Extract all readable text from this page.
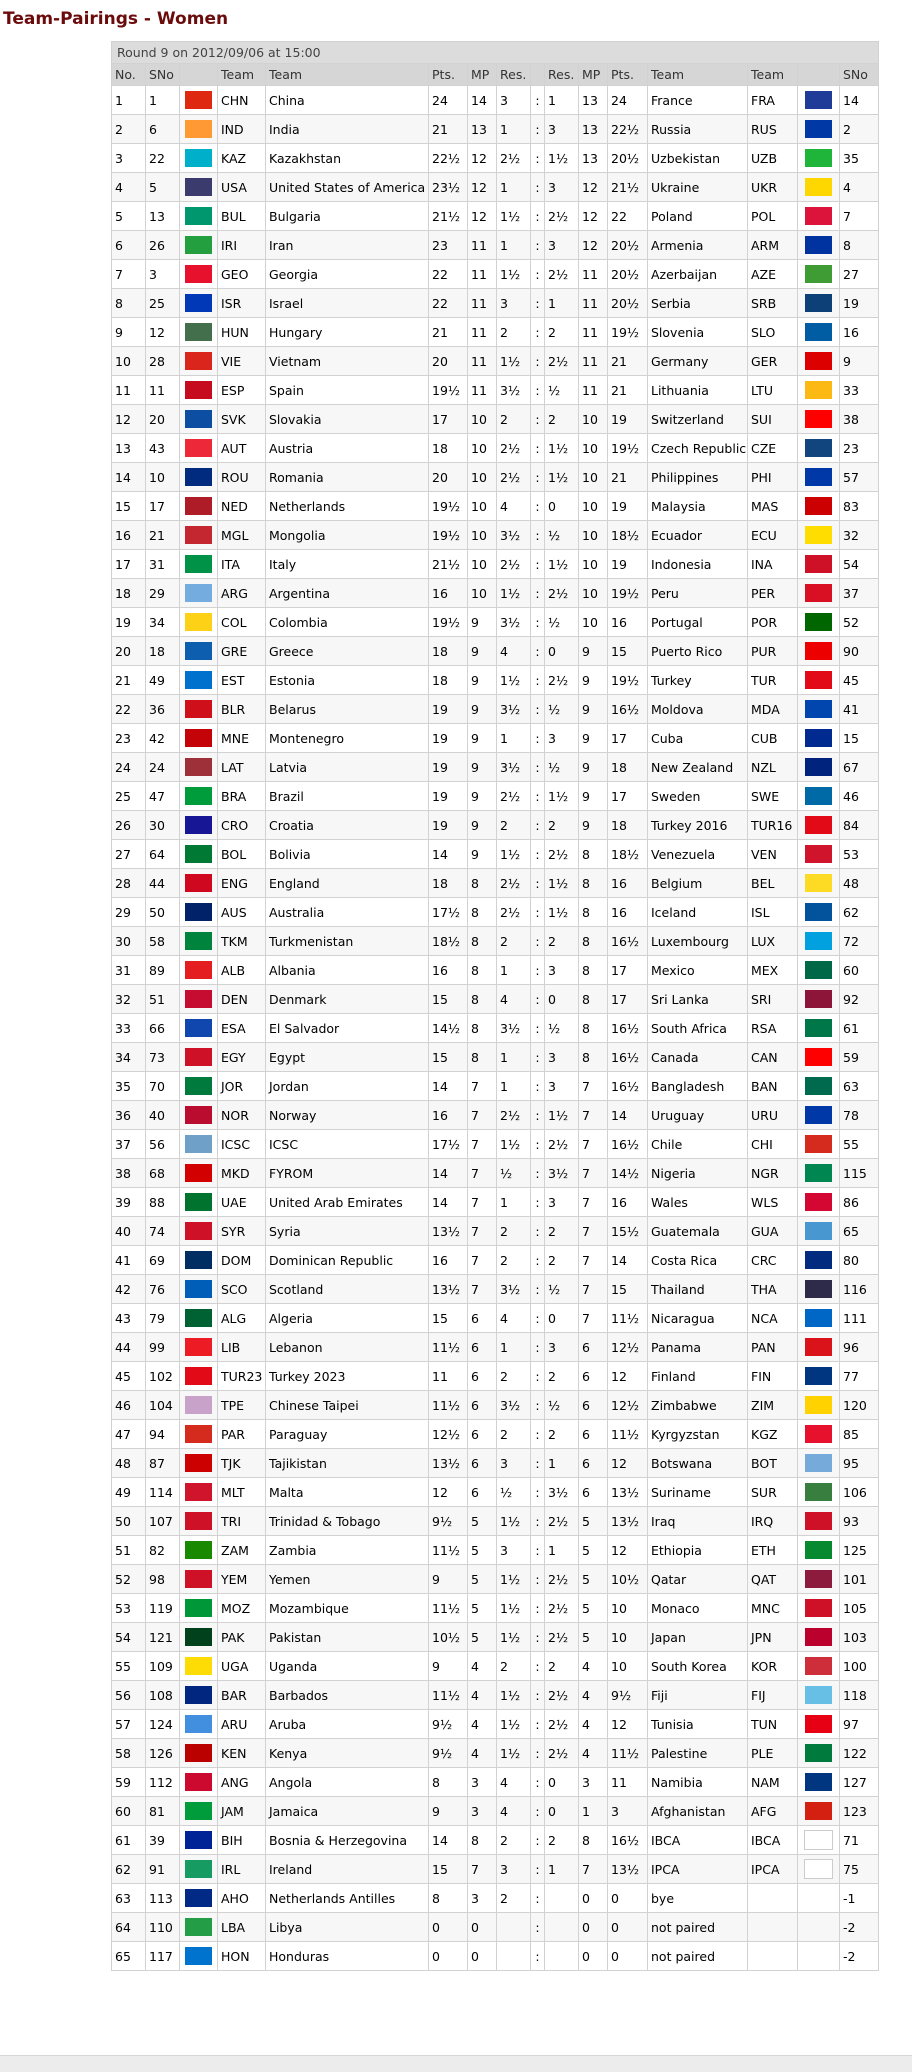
Team-Pairings - Women
Round 9 on 2012/09/06 at 15:00															
No.	SNo		Team	Team	Pts.	MP	Res.		Res.	MP	Pts.	Team	Team		SNo
1	1		CHN	China	24	14	3	:	1	13	24	France	FRA		14
2	6		IND	India	21	13	1	:	3	13	22½	Russia	RUS		2
3	22		KAZ	Kazakhstan	22½	12	2½	:	1½	13	20½	Uzbekistan	UZB		35
4	5		USA	United States of America	23½	12	1	:	3	12	21½	Ukraine	UKR		4
5	13		BUL	Bulgaria	21½	12	1½	:	2½	12	22	Poland	POL		7
6	26		IRI	Iran	23	11	1	:	3	12	20½	Armenia	ARM		8
7	3		GEO	Georgia	22	11	1½	:	2½	11	20½	Azerbaijan	AZE		27
8	25		ISR	Israel	22	11	3	:	1	11	20½	Serbia	SRB		19
9	12		HUN	Hungary	21	11	2	:	2	11	19½	Slovenia	SLO		16
10	28		VIE	Vietnam	20	11	1½	:	2½	11	21	Germany	GER		9
11	11		ESP	Spain	19½	11	3½	:	½	11	21	Lithuania	LTU		33
12	20		SVK	Slovakia	17	10	2	:	2	10	19	Switzerland	SUI		38
13	43		AUT	Austria	18	10	2½	:	1½	10	19½	Czech Republic	CZE		23
14	10		ROU	Romania	20	10	2½	:	1½	10	21	Philippines	PHI		57
15	17		NED	Netherlands	19½	10	4	:	0	10	19	Malaysia	MAS		83
16	21		MGL	Mongolia	19½	10	3½	:	½	10	18½	Ecuador	ECU		32
17	31		ITA	Italy	21½	10	2½	:	1½	10	19	Indonesia	INA		54
18	29		ARG	Argentina	16	10	1½	:	2½	10	19½	Peru	PER		37
19	34		COL	Colombia	19½	9	3½	:	½	10	16	Portugal	POR		52
20	18		GRE	Greece	18	9	4	:	0	9	15	Puerto Rico	PUR		90
21	49		EST	Estonia	18	9	1½	:	2½	9	19½	Turkey	TUR		45
22	36		BLR	Belarus	19	9	3½	:	½	9	16½	Moldova	MDA		41
23	42		MNE	Montenegro	19	9	1	:	3	9	17	Cuba	CUB		15
24	24		LAT	Latvia	19	9	3½	:	½	9	18	New Zealand	NZL		67
25	47		BRA	Brazil	19	9	2½	:	1½	9	17	Sweden	SWE		46
26	30		CRO	Croatia	19	9	2	:	2	9	18	Turkey 2016	TUR16		84
27	64		BOL	Bolivia	14	9	1½	:	2½	8	18½	Venezuela	VEN		53
28	44		ENG	England	18	8	2½	:	1½	8	16	Belgium	BEL		48
29	50		AUS	Australia	17½	8	2½	:	1½	8	16	Iceland	ISL		62
30	58		TKM	Turkmenistan	18½	8	2	:	2	8	16½	Luxembourg	LUX		72
31	89		ALB	Albania	16	8	1	:	3	8	17	Mexico	MEX		60
32	51		DEN	Denmark	15	8	4	:	0	8	17	Sri Lanka	SRI		92
33	66		ESA	El Salvador	14½	8	3½	:	½	8	16½	South Africa	RSA		61
34	73		EGY	Egypt	15	8	1	:	3	8	16½	Canada	CAN		59
35	70		JOR	Jordan	14	7	1	:	3	7	16½	Bangladesh	BAN		63
36	40		NOR	Norway	16	7	2½	:	1½	7	14	Uruguay	URU		78
37	56		ICSC	ICSC	17½	7	1½	:	2½	7	16½	Chile	CHI		55
38	68		MKD	FYROM	14	7	½	:	3½	7	14½	Nigeria	NGR		115
39	88		UAE	United Arab Emirates	14	7	1	:	3	7	16	Wales	WLS		86
40	74		SYR	Syria	13½	7	2	:	2	7	15½	Guatemala	GUA		65
41	69		DOM	Dominican Republic	16	7	2	:	2	7	14	Costa Rica	CRC		80
42	76		SCO	Scotland	13½	7	3½	:	½	7	15	Thailand	THA		116
43	79		ALG	Algeria	15	6	4	:	0	7	11½	Nicaragua	NCA		111
44	99		LIB	Lebanon	11½	6	1	:	3	6	12½	Panama	PAN		96
45	102		TUR23	Turkey 2023	11	6	2	:	2	6	12	Finland	FIN		77
46	104		TPE	Chinese Taipei	11½	6	3½	:	½	6	12½	Zimbabwe	ZIM		120
47	94		PAR	Paraguay	12½	6	2	:	2	6	11½	Kyrgyzstan	KGZ		85
48	87		TJK	Tajikistan	13½	6	3	:	1	6	12	Botswana	BOT		95
49	114		MLT	Malta	12	6	½	:	3½	6	13½	Suriname	SUR		106
50	107		TRI	Trinidad & Tobago	9½	5	1½	:	2½	5	13½	Iraq	IRQ		93
51	82		ZAM	Zambia	11½	5	3	:	1	5	12	Ethiopia	ETH		125
52	98		YEM	Yemen	9	5	1½	:	2½	5	10½	Qatar	QAT		101
53	119		MOZ	Mozambique	11½	5	1½	:	2½	5	10	Monaco	MNC		105
54	121		PAK	Pakistan	10½	5	1½	:	2½	5	10	Japan	JPN		103
55	109		UGA	Uganda	9	4	2	:	2	4	10	South Korea	KOR		100
56	108		BAR	Barbados	11½	4	1½	:	2½	4	9½	Fiji	FIJ		118
57	124		ARU	Aruba	9½	4	1½	:	2½	4	12	Tunisia	TUN		97
58	126		KEN	Kenya	9½	4	1½	:	2½	4	11½	Palestine	PLE		122
59	112		ANG	Angola	8	3	4	:	0	3	11	Namibia	NAM		127
60	81		JAM	Jamaica	9	3	4	:	0	1	3	Afghanistan	AFG		123
61	39		BIH	Bosnia & Herzegovina	14	8	2	:	2	8	16½	IBCA	IBCA		71
62	91		IRL	Ireland	15	7	3	:	1	7	13½	IPCA	IPCA		75
63	113		AHO	Netherlands Antilles	8	3	2	:		0	0	bye			-1
64	110		LBA	Libya	0	0		:		0	0	not paired			-2
65	117		HON	Honduras	0	0		:		0	0	not paired			-2
